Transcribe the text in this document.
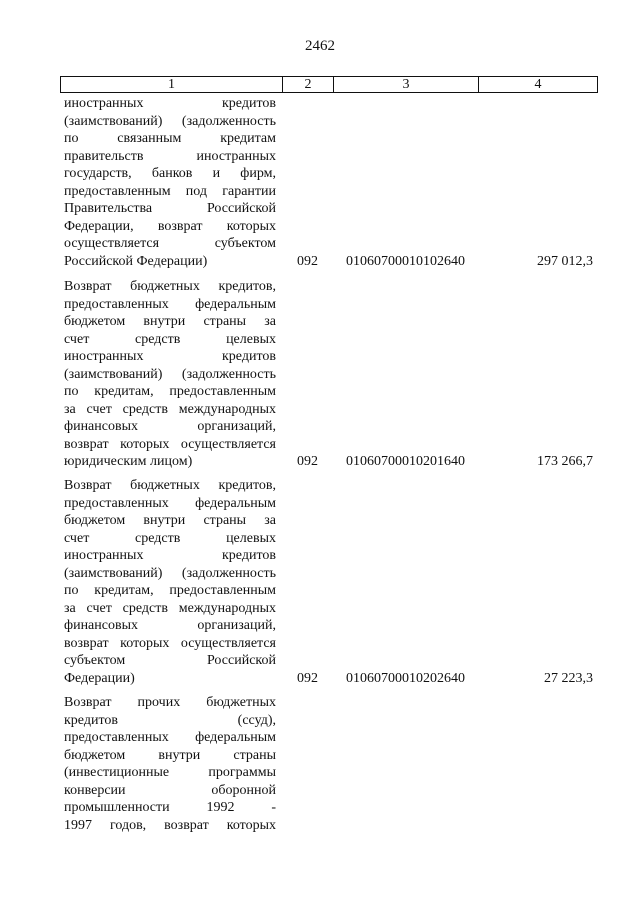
2462
1	2	3	4
иностранных кредитов
(заимствований) (задолженность
по связанным кредитам
правительств иностранных
государств, банков и фирм,
предоставленным под гарантии
Правительства Российской
Федерации, возврат которых
осуществляется субъектом
Российской Федерации)	092	01060700010102640	297 012,3
Возврат бюджетных кредитов,
предоставленных федеральным
бюджетом внутри страны за
счет средств целевых
иностранных кредитов
(заимствований) (задолженность
по кредитам, предоставленным
за счет средств международных
финансовых организаций,
возврат которых осуществляется
юридическим лицом)	092	01060700010201640	173 266,7
Возврат бюджетных кредитов,
предоставленных федеральным
бюджетом внутри страны за
счет средств целевых
иностранных кредитов
(заимствований) (задолженность
по кредитам, предоставленным
за счет средств международных
финансовых организаций,
возврат которых осуществляется
субъектом Российской
Федерации)	092	01060700010202640	27 223,3
Возврат прочих бюджетных
кредитов (ссуд),
предоставленных федеральным
бюджетом внутри страны
(инвестиционные программы
конверсии оборонной
промышленности 1992 -
1997 годов, возврат которых
